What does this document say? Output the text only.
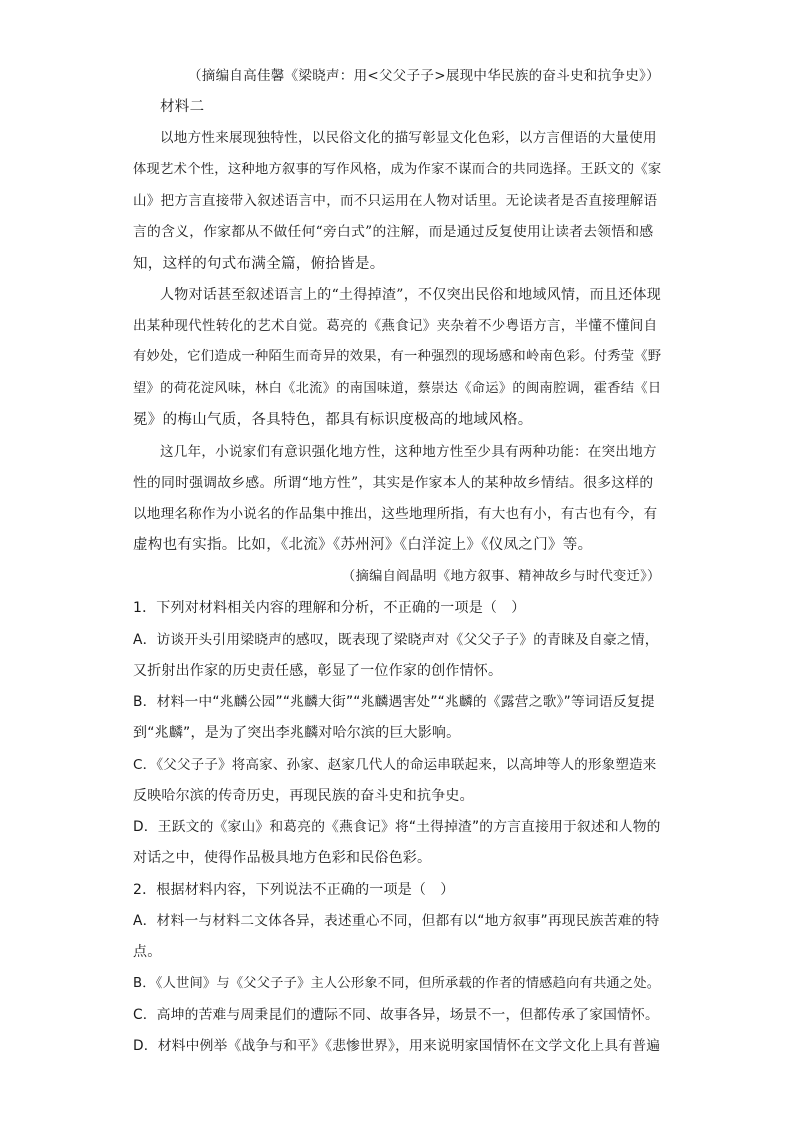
（摘编自高佳馨《梁晓声：用<父父子子>展现中华民族的奋斗史和抗争史》）
材料二
以地方性来展现独特性，以民俗文化的描写彰显文化色彩，以方言俚语的大量使用
体现艺术个性，这种地方叙事的写作风格，成为作家不谋而合的共同选择。王跃文的《家
山》把方言直接带入叙述语言中，而不只运用在人物对话里。无论读者是否直接理解语
言的含义，作家都从不做任何“旁白式”的注解，而是通过反复使用让读者去领悟和感
知，这样的句式布满全篇，俯拾皆是。
人物对话甚至叙述语言上的“土得掉渣”，不仅突出民俗和地域风情，而且还体现
出某种现代性转化的艺术自觉。葛亮的《燕食记》夹杂着不少粤语方言，半懂不懂间自
有妙处，它们造成一种陌生而奇异的效果，有一种强烈的现场感和岭南色彩。付秀莹《野
望》的荷花淀风味，林白《北流》的南国味道，蔡崇达《命运》的闽南腔调，霍香结《日
冕》的梅山气质，各具特色，都具有标识度极高的地域风格。
这几年，小说家们有意识强化地方性，这种地方性至少具有两种功能：在突出地方
性的同时强调故乡感。所谓“地方性”，其实是作家本人的某种故乡情结。很多这样的
以地理名称作为小说名的作品集中推出，这些地理所指，有大也有小，有古也有今，有
虚构也有实指。比如，《北流》《苏州河》《白洋淀上》《仪凤之门》等。
（摘编自阎晶明《地方叙事、精神故乡与时代变迁》）
1．下列对材料相关内容的理解和分析，不正确的一项是（　）
A．访谈开头引用梁晓声的感叹，既表现了梁晓声对《父父子子》的青睐及自豪之情，
又折射出作家的历史责任感，彰显了一位作家的创作情怀。
B．材料一中“兆麟公园”“兆麟大街”“兆麟遇害处”“兆麟的《露营之歌》”等词语反复提
到“兆麟”，是为了突出李兆麟对哈尔滨的巨大影响。
C．《父父子子》将高家、孙家、赵家几代人的命运串联起来，以高坤等人的形象塑造来
反映哈尔滨的传奇历史，再现民族的奋斗史和抗争史。
D．王跃文的《家山》和葛亮的《燕食记》将“土得掉渣”的方言直接用于叙述和人物的
对话之中，使得作品极具地方色彩和民俗色彩。
2．根据材料内容，下列说法不正确的一项是（　）
A．材料一与材料二文体各异，表述重心不同，但都有以“地方叙事”再现民族苦难的特
点。
B．《人世间》与《父父子子》主人公形象不同，但所承载的作者的情感趋向有共通之处。
C．高坤的苦难与周秉昆们的遭际不同、故事各异，场景不一，但都传承了家国情怀。
D．材料中例举《战争与和平》《悲惨世界》，用来说明家国情怀在文学文化上具有普遍
